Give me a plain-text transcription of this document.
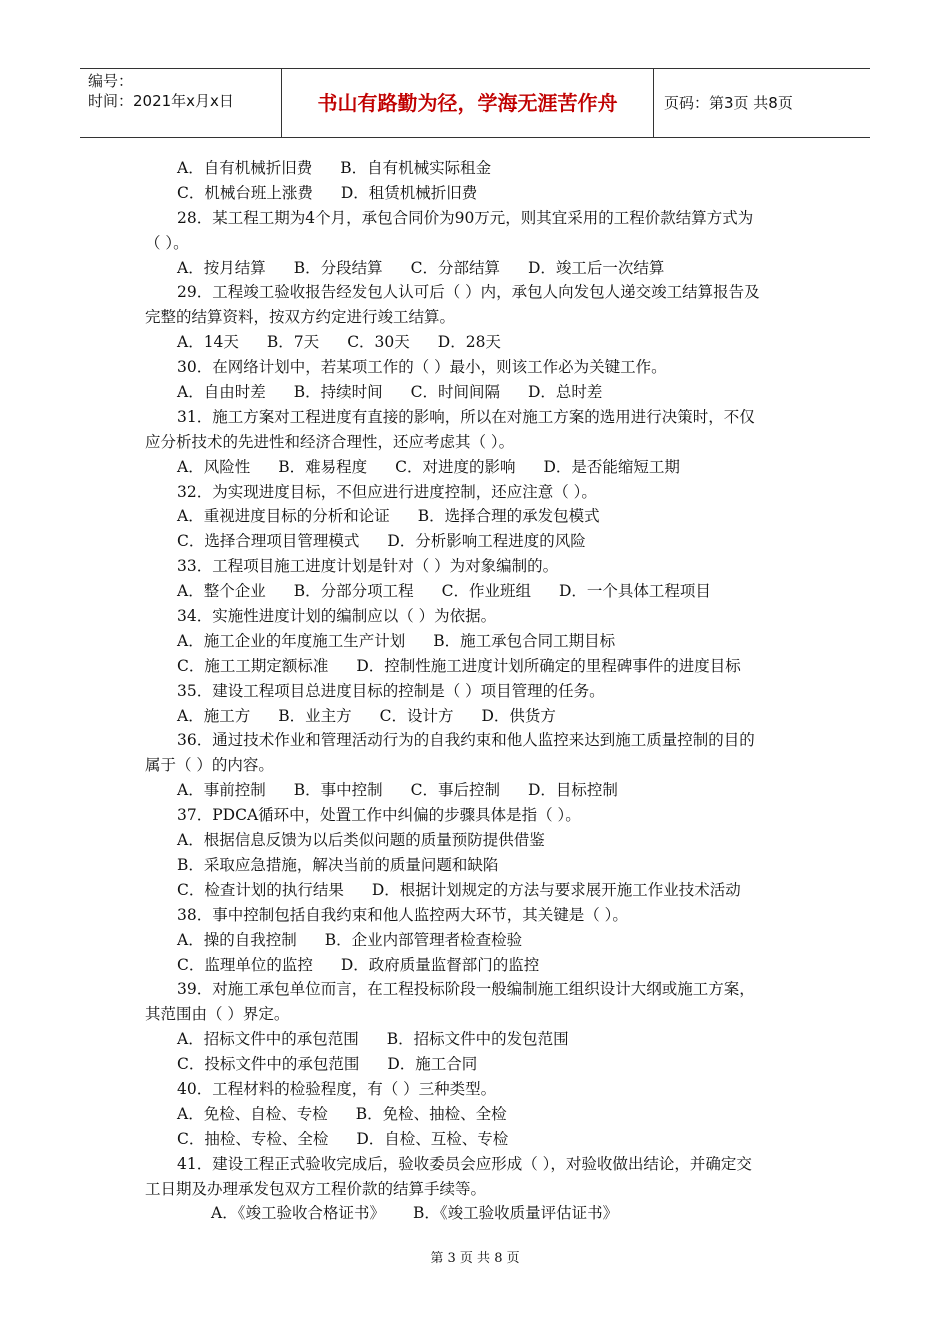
编号：
时间：2021年x月x日	书山有路勤为径，学海无涯苦作舟	页码：第3页 共8页
A．自有机械折旧费 B．自有机械实际租金
C．机械台班上涨费 D．租赁机械折旧费
28．某工程工期为4个月，承包合同价为90万元，则其宜采用的工程价款结算方式为
（ ）。
A．按月结算 B．分段结算 C．分部结算 D．竣工后一次结算
29．工程竣工验收报告经发包人认可后（ ）内，承包人向发包人递交竣工结算报告及
完整的结算资料，按双方约定进行竣工结算。
A．14天 B．7天 C．30天 D．28天
30．在网络计划中，若某项工作的（ ）最小，则该工作必为关键工作。
A．自由时差 B．持续时间 C．时间间隔 D．总时差
31．施工方案对工程进度有直接的影响，所以在对施工方案的选用进行决策时，不仅
应分析技术的先进性和经济合理性，还应考虑其（ ）。
A．风险性 B．难易程度 C．对进度的影响 D．是否能缩短工期
32．为实现进度目标，不但应进行进度控制，还应注意（ ）。
A．重视进度目标的分析和论证 B．选择合理的承发包模式
C．选择合理项目管理模式 D．分析影响工程进度的风险
33．工程项目施工进度计划是针对（ ）为对象编制的。
A．整个企业 B．分部分项工程 C．作业班组 D．一个具体工程项目
34．实施性进度计划的编制应以（ ）为依据。
A．施工企业的年度施工生产计划 B．施工承包合同工期目标
C．施工工期定额标准 D．控制性施工进度计划所确定的里程碑事件的进度目标
35．建设工程项目总进度目标的控制是（ ）项目管理的任务。
A．施工方 B．业主方 C．设计方 D．供货方
36．通过技术作业和管理活动行为的自我约束和他人监控来达到施工质量控制的目的
属于（ ）的内容。
A．事前控制 B．事中控制 C．事后控制 D．目标控制
37．PDCA循环中，处置工作中纠偏的步骤具体是指（ ）。
A．根据信息反馈为以后类似问题的质量预防提供借鉴
B．采取应急措施，解决当前的质量问题和缺陷
C．检查计划的执行结果 D．根据计划规定的方法与要求展开施工作业技术活动
38．事中控制包括自我约束和他人监控两大环节，其关键是（ ）。
A．操的自我控制 B．企业内部管理者检查检验
C．监理单位的监控 D．政府质量监督部门的监控
39．对施工承包单位而言，在工程投标阶段一般编制施工组织设计大纲或施工方案，
其范围由（ ）界定。
A．招标文件中的承包范围 B．招标文件中的发包范围
C．投标文件中的承包范围 D．施工合同
40．工程材料的检验程度，有（ ）三种类型。
A．免检、自检、专检 B．免检、抽检、全检
C．抽检、专检、全检 D．自检、互检、专检
41．建设工程正式验收完成后，验收委员会应形成（ ），对验收做出结论，并确定交
工日期及办理承发包双方工程价款的结算手续等。
A．《竣工验收合格证书》 B．《竣工验收质量评估证书》
第 3 页 共 8 页
